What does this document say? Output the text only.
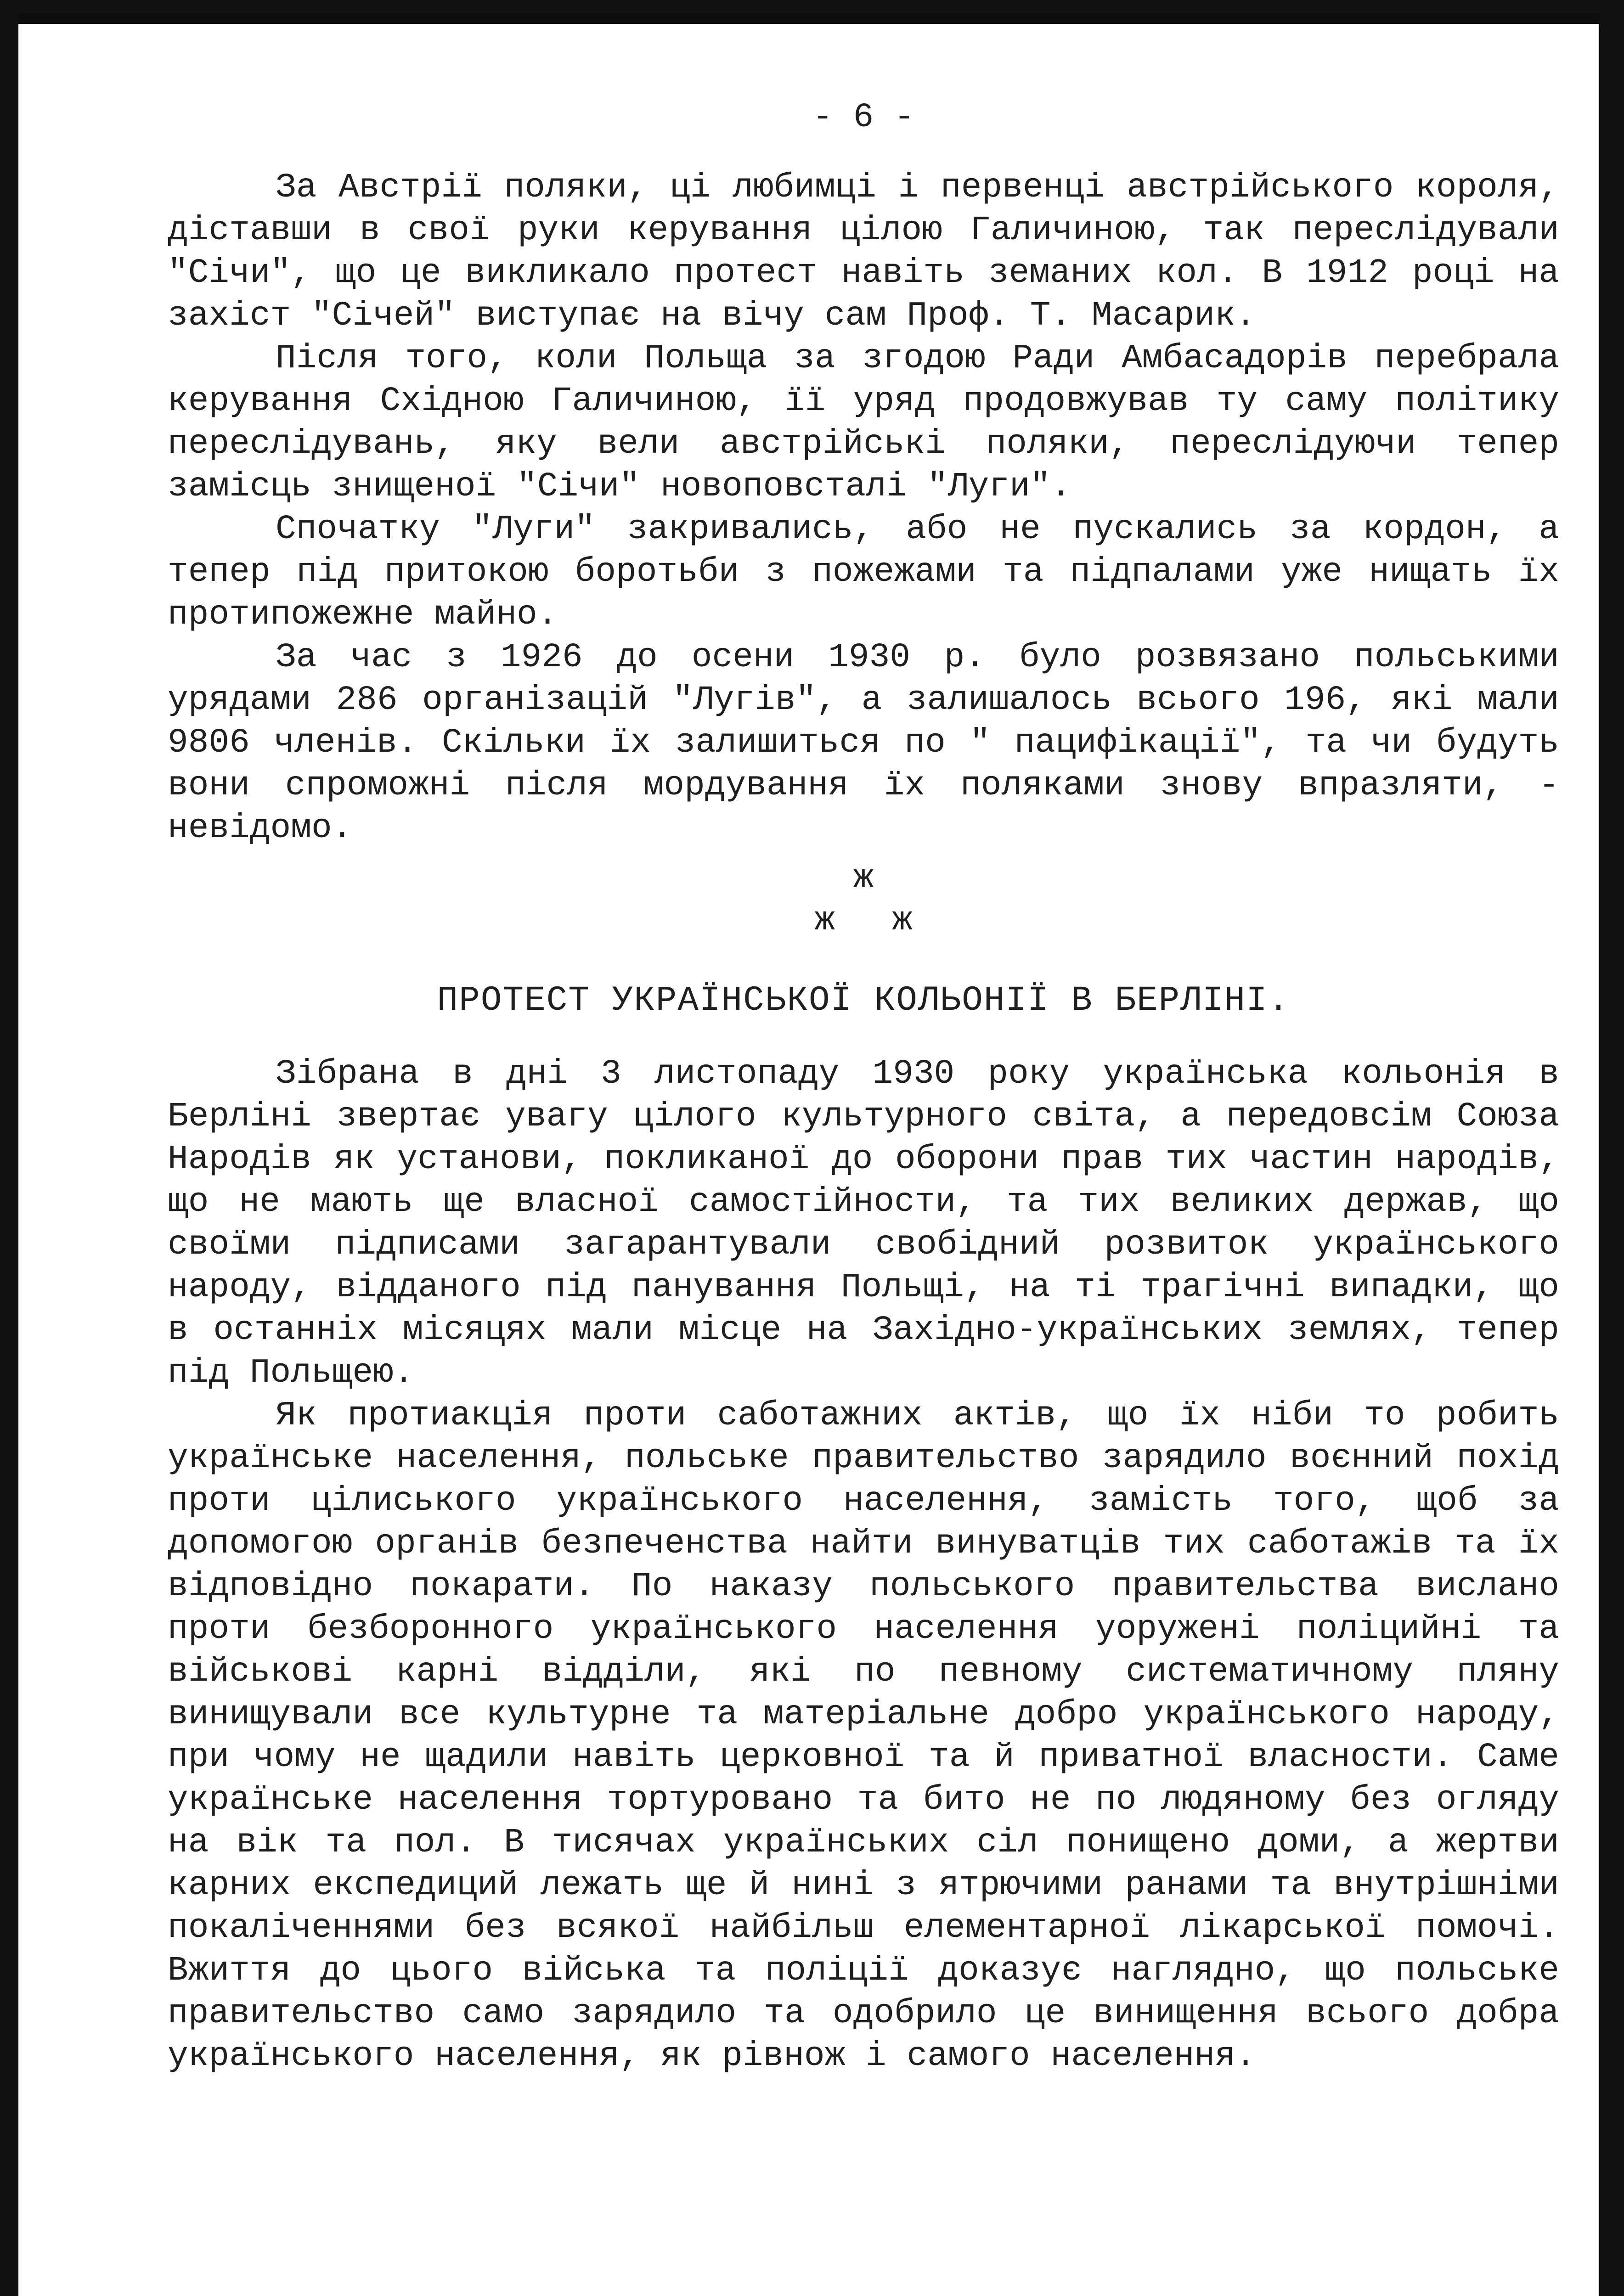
- 6 -

За Австрії поляки, ці любимці і первенці австрійського короля, діставши в свої руки керування цілою Галичиною, так переслідували "Січи", що це викликало протест навіть земаних кол. В 1912 році на захіст "Січей" виступає на вічу сам Проф. Т. Масарик.

Після того, коли Польща за згодою Ради Амбасадорів перебрала керування Східною Галичиною, її уряд продовжував ту саму політику переслідувань, яку вели австрійські поляки, переслідуючи тепер замісць знищеної "Січи" новоповсталі "Луги".

Спочатку "Луги" закривались, або не пускались за кордон, а тепер під притокою боротьби з пожежами та підпалами уже нищать їх протипожежне майно.

За час з 1926 до осени 1930 р. було розвязано польськими урядами 286 організацій "Лугів", а залишалось всього 196, які мали 9806 членів. Скільки їх залишиться по " пацифікації", та чи будуть вони спроможні після мордування їх поляками знову впразляти, - невідомо.

ж
ж ж
ПРОТЕСТ УКРАЇНСЬКОЇ КОЛЬОНІЇ В БЕРЛІНІ.

Зібрана в дні 3 листопаду 1930 року українська кольонія в Берліні звертає увагу цілого культурного світа, а передовсім Союза Народів як установи, покликаної до оборони прав тих частин народів, що не мають ще власної самостійности, та тих великих держав, що своїми підписами загарантували свобідний розвиток українського народу, відданого під панування Польщі, на ті трагічні випадки, що в останніх місяцях мали місце на Західно-українських землях, тепер під Польщею.

Як протиакція проти саботажних актів, що їх ніби то робить українське населення, польське правительство зарядило воєнний похід проти цілиського українського населення, замість того, щоб за допомогою органів безпеченства найти винуватців тих саботажів та їх відповідно покарати. По наказу польського правительства вислано проти безборонного українського населення уоружені поліцийні та військові карні відділи, які по певному систематичному пляну винищували все культурне та матеріальне добро українського народу, при чому не щадили навіть церковної та й приватної власности. Саме українське населення тортуровано та бито не по людяному без огляду на вік та пол. В тисячах українських сіл понищено доми, а жертви карних експедиций лежать ще й нині з ятрючими ранами та внутрішніми покаліченнями без всякої найбільш елементарної лікарської помочі. Вжиття до цього війська та поліції доказує наглядно, що польське правительство само зарядило та одобрило це винищення всього добра українського населення, як рівнож і самого населення.
